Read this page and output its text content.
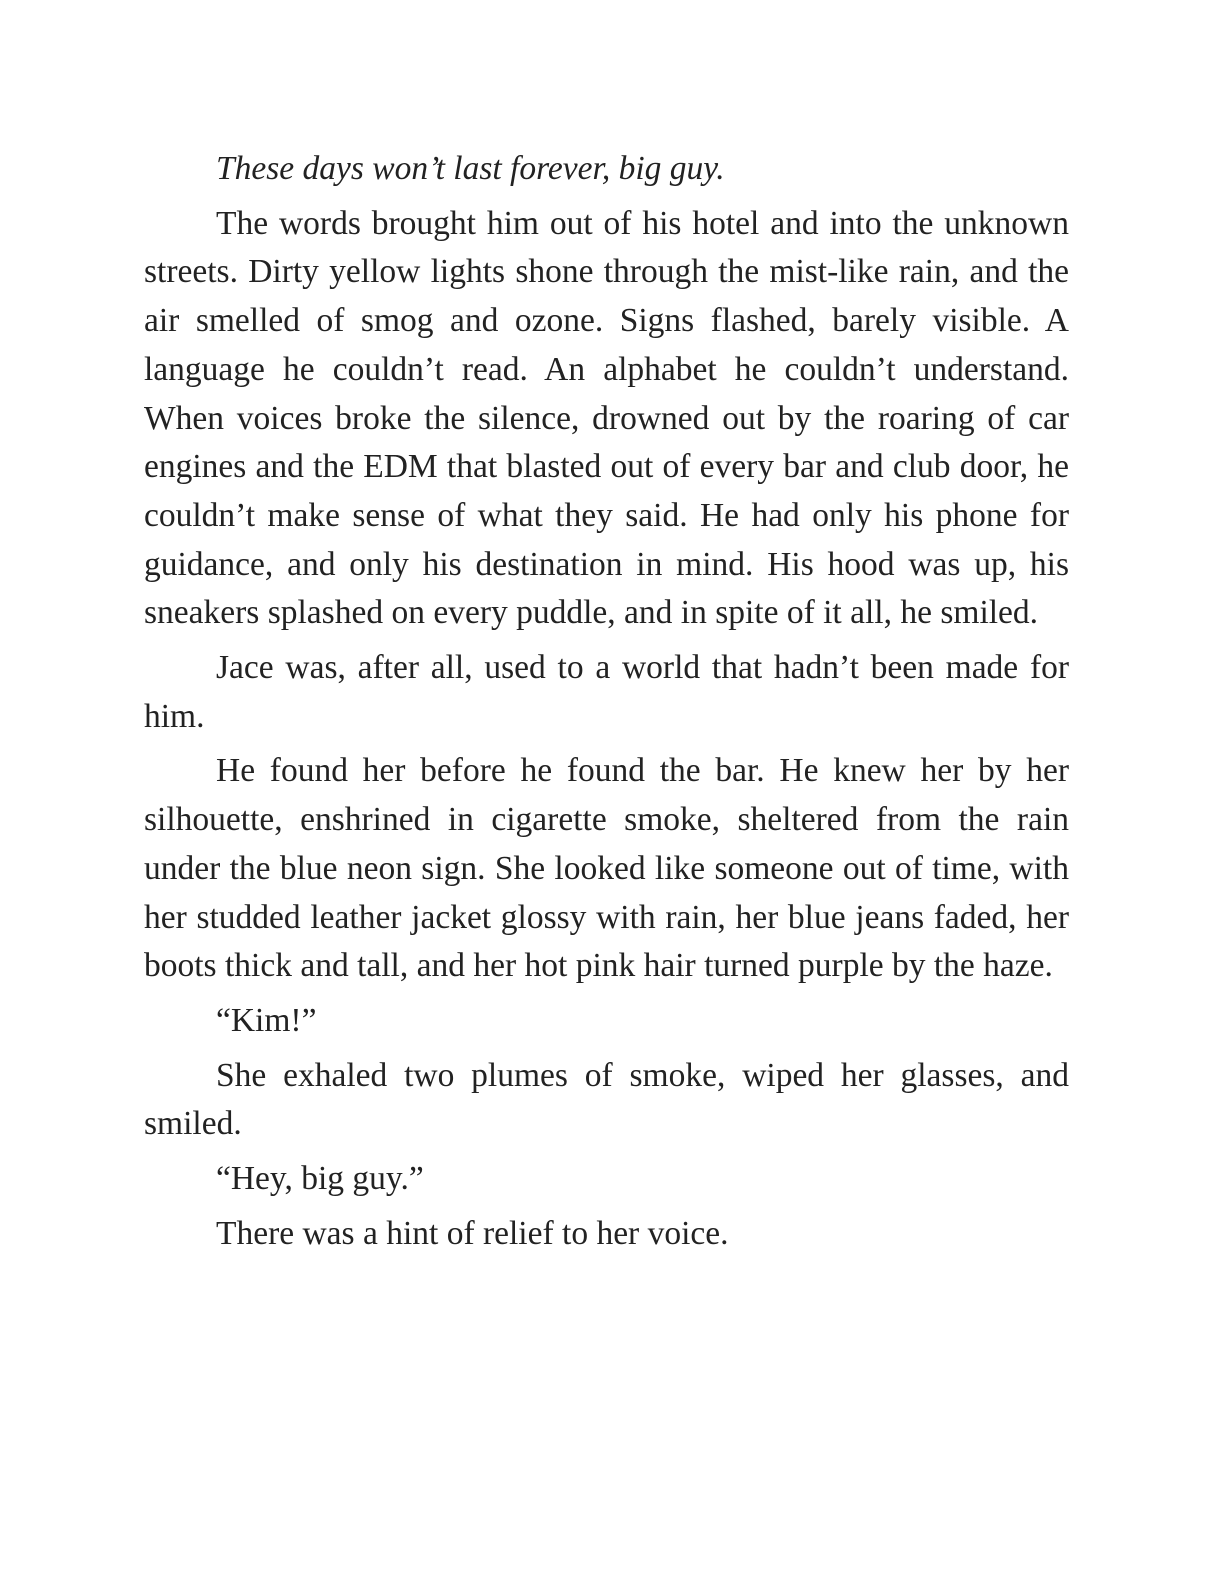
These days won’t last forever, big guy.

The words brought him out of his hotel and into the unknown streets. Dirty yellow lights shone through the mist-like rain, and the air smelled of smog and ozone. Signs flashed, barely visible. A language he couldn’t read. An alphabet he couldn’t understand. When voices broke the silence, drowned out by the roaring of car engines and the EDM that blasted out of every bar and club door, he couldn’t make sense of what they said. He had only his phone for guidance, and only his destination in mind. His hood was up, his sneakers splashed on every puddle, and in spite of it all, he smiled.

Jace was, after all, used to a world that hadn’t been made for him.

He found her before he found the bar. He knew her by her silhouette, enshrined in cigarette smoke, sheltered from the rain under the blue neon sign. She looked like someone out of time, with her studded leather jacket glossy with rain, her blue jeans faded, her boots thick and tall, and her hot pink hair turned purple by the haze.

“Kim!”

She exhaled two plumes of smoke, wiped her glasses, and smiled.

“Hey, big guy.”

There was a hint of relief to her voice.
